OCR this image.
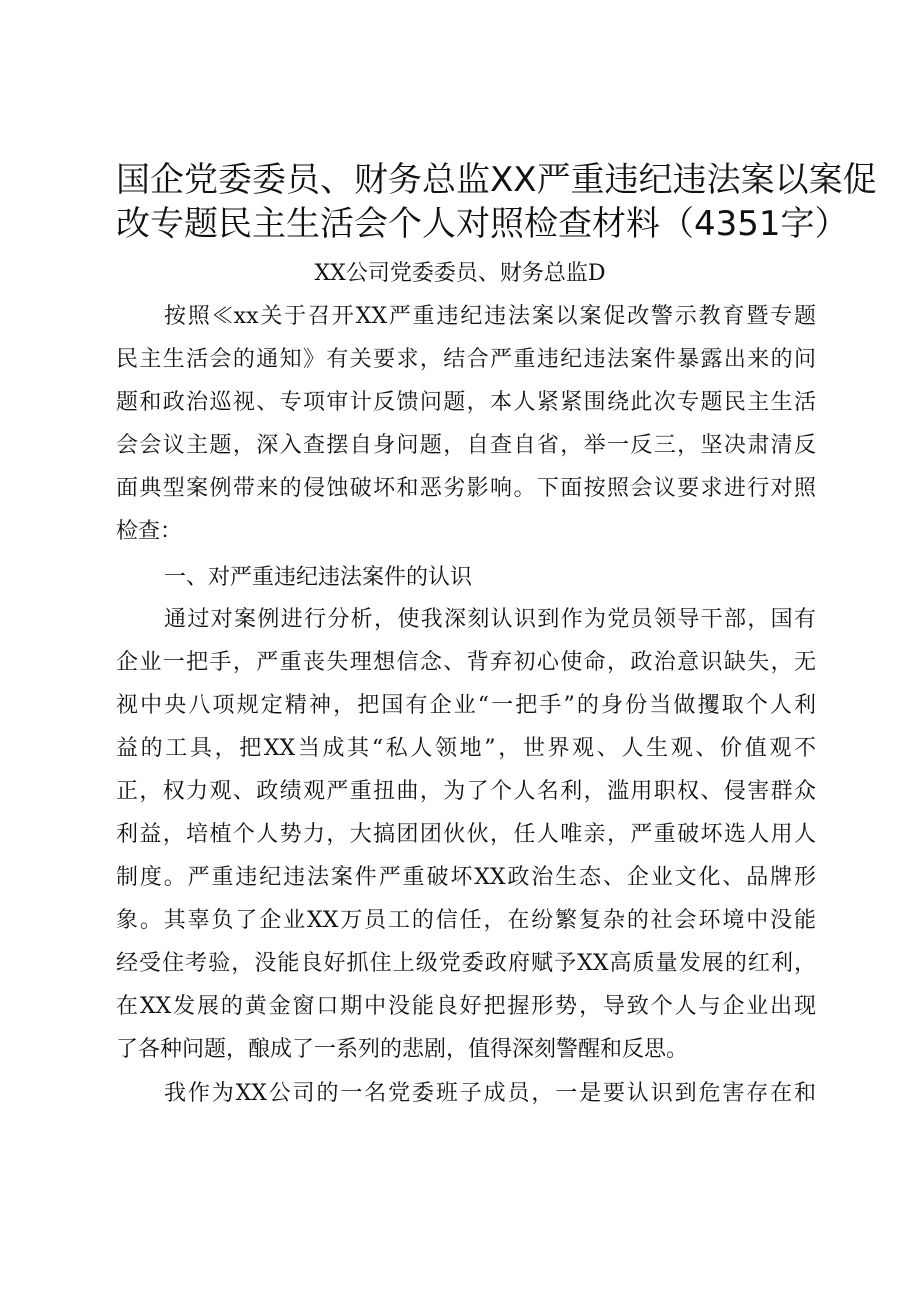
国企党委委员、财务总监XX严重违纪违法案以案促
改专题民主生活会个人对照检查材料（4351字）
XX公司党委委员、财务总监D
按照≪xx关于召开XX严重违纪违法案以案促改警示教育暨专题
民主生活会的通知》有关要求，结合严重违纪违法案件暴露出来的问
题和政治巡视、专项审计反馈问题，本人紧紧围绕此次专题民主生活
会会议主题，深入查摆自身问题，自查自省，举一反三，坚决肃清反
面典型案例带来的侵蚀破坏和恶劣影响。下面按照会议要求进行对照
检查：
一、对严重违纪违法案件的认识
通过对案例进行分析，使我深刻认识到作为党员领导干部，国有
企业一把手，严重丧失理想信念、背弃初心使命，政治意识缺失，无
视中央八项规定精神，把国有企业“一把手”的身份当做攫取个人利
益的工具，把XX当成其“私人领地”，世界观、人生观、价值观不
正，权力观、政绩观严重扭曲，为了个人名利，滥用职权、侵害群众
利益，培植个人势力，大搞团团伙伙，任人唯亲，严重破坏选人用人
制度。严重违纪违法案件严重破坏XX政治生态、企业文化、品牌形
象。其辜负了企业XX万员工的信任，在纷繁复杂的社会环境中没能
经受住考验，没能良好抓住上级党委政府赋予XX高质量发展的红利，
在XX发展的黄金窗口期中没能良好把握形势，导致个人与企业出现
了各种问题，酿成了一系列的悲剧，值得深刻警醒和反思。
我作为XX公司的一名党委班子成员，一是要认识到危害存在和
